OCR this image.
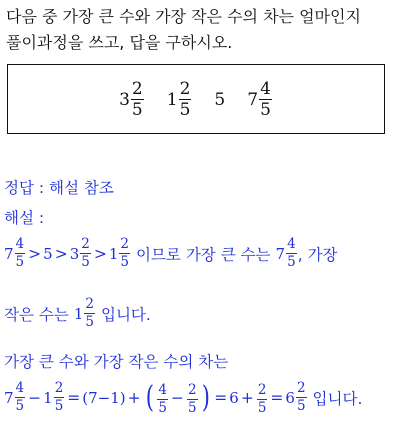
다음 중 가장 큰 수와 가장 작은 수의 차는 얼마인지
풀이과정을 쓰고, 답을 구하시오.
$3 \frac{2}{5} 1 \frac{2}{5} 5$ $7 \frac{4}{5}$
정답 : 해설 참조
해설 :
$7 \frac{4}{5} > 5 > 3 \frac{2}{5} > 1 \frac{2}{5}$ 이므로 가장 큰 수는 $7 \frac{4}{5}$ , 가장
작은 수는 $1 \frac{2}{5}$ 입니다.
가장 큰 수와 가장 작은 수의 차는
$7 \frac{4}{5} - 1 \frac{2}{5} = (7-1)$ + ( $\frac{4}{5} - \frac{2}{5}$ ) = $6 + \frac{2}{5} = 6 \frac{2}{5}$ 입니다.
